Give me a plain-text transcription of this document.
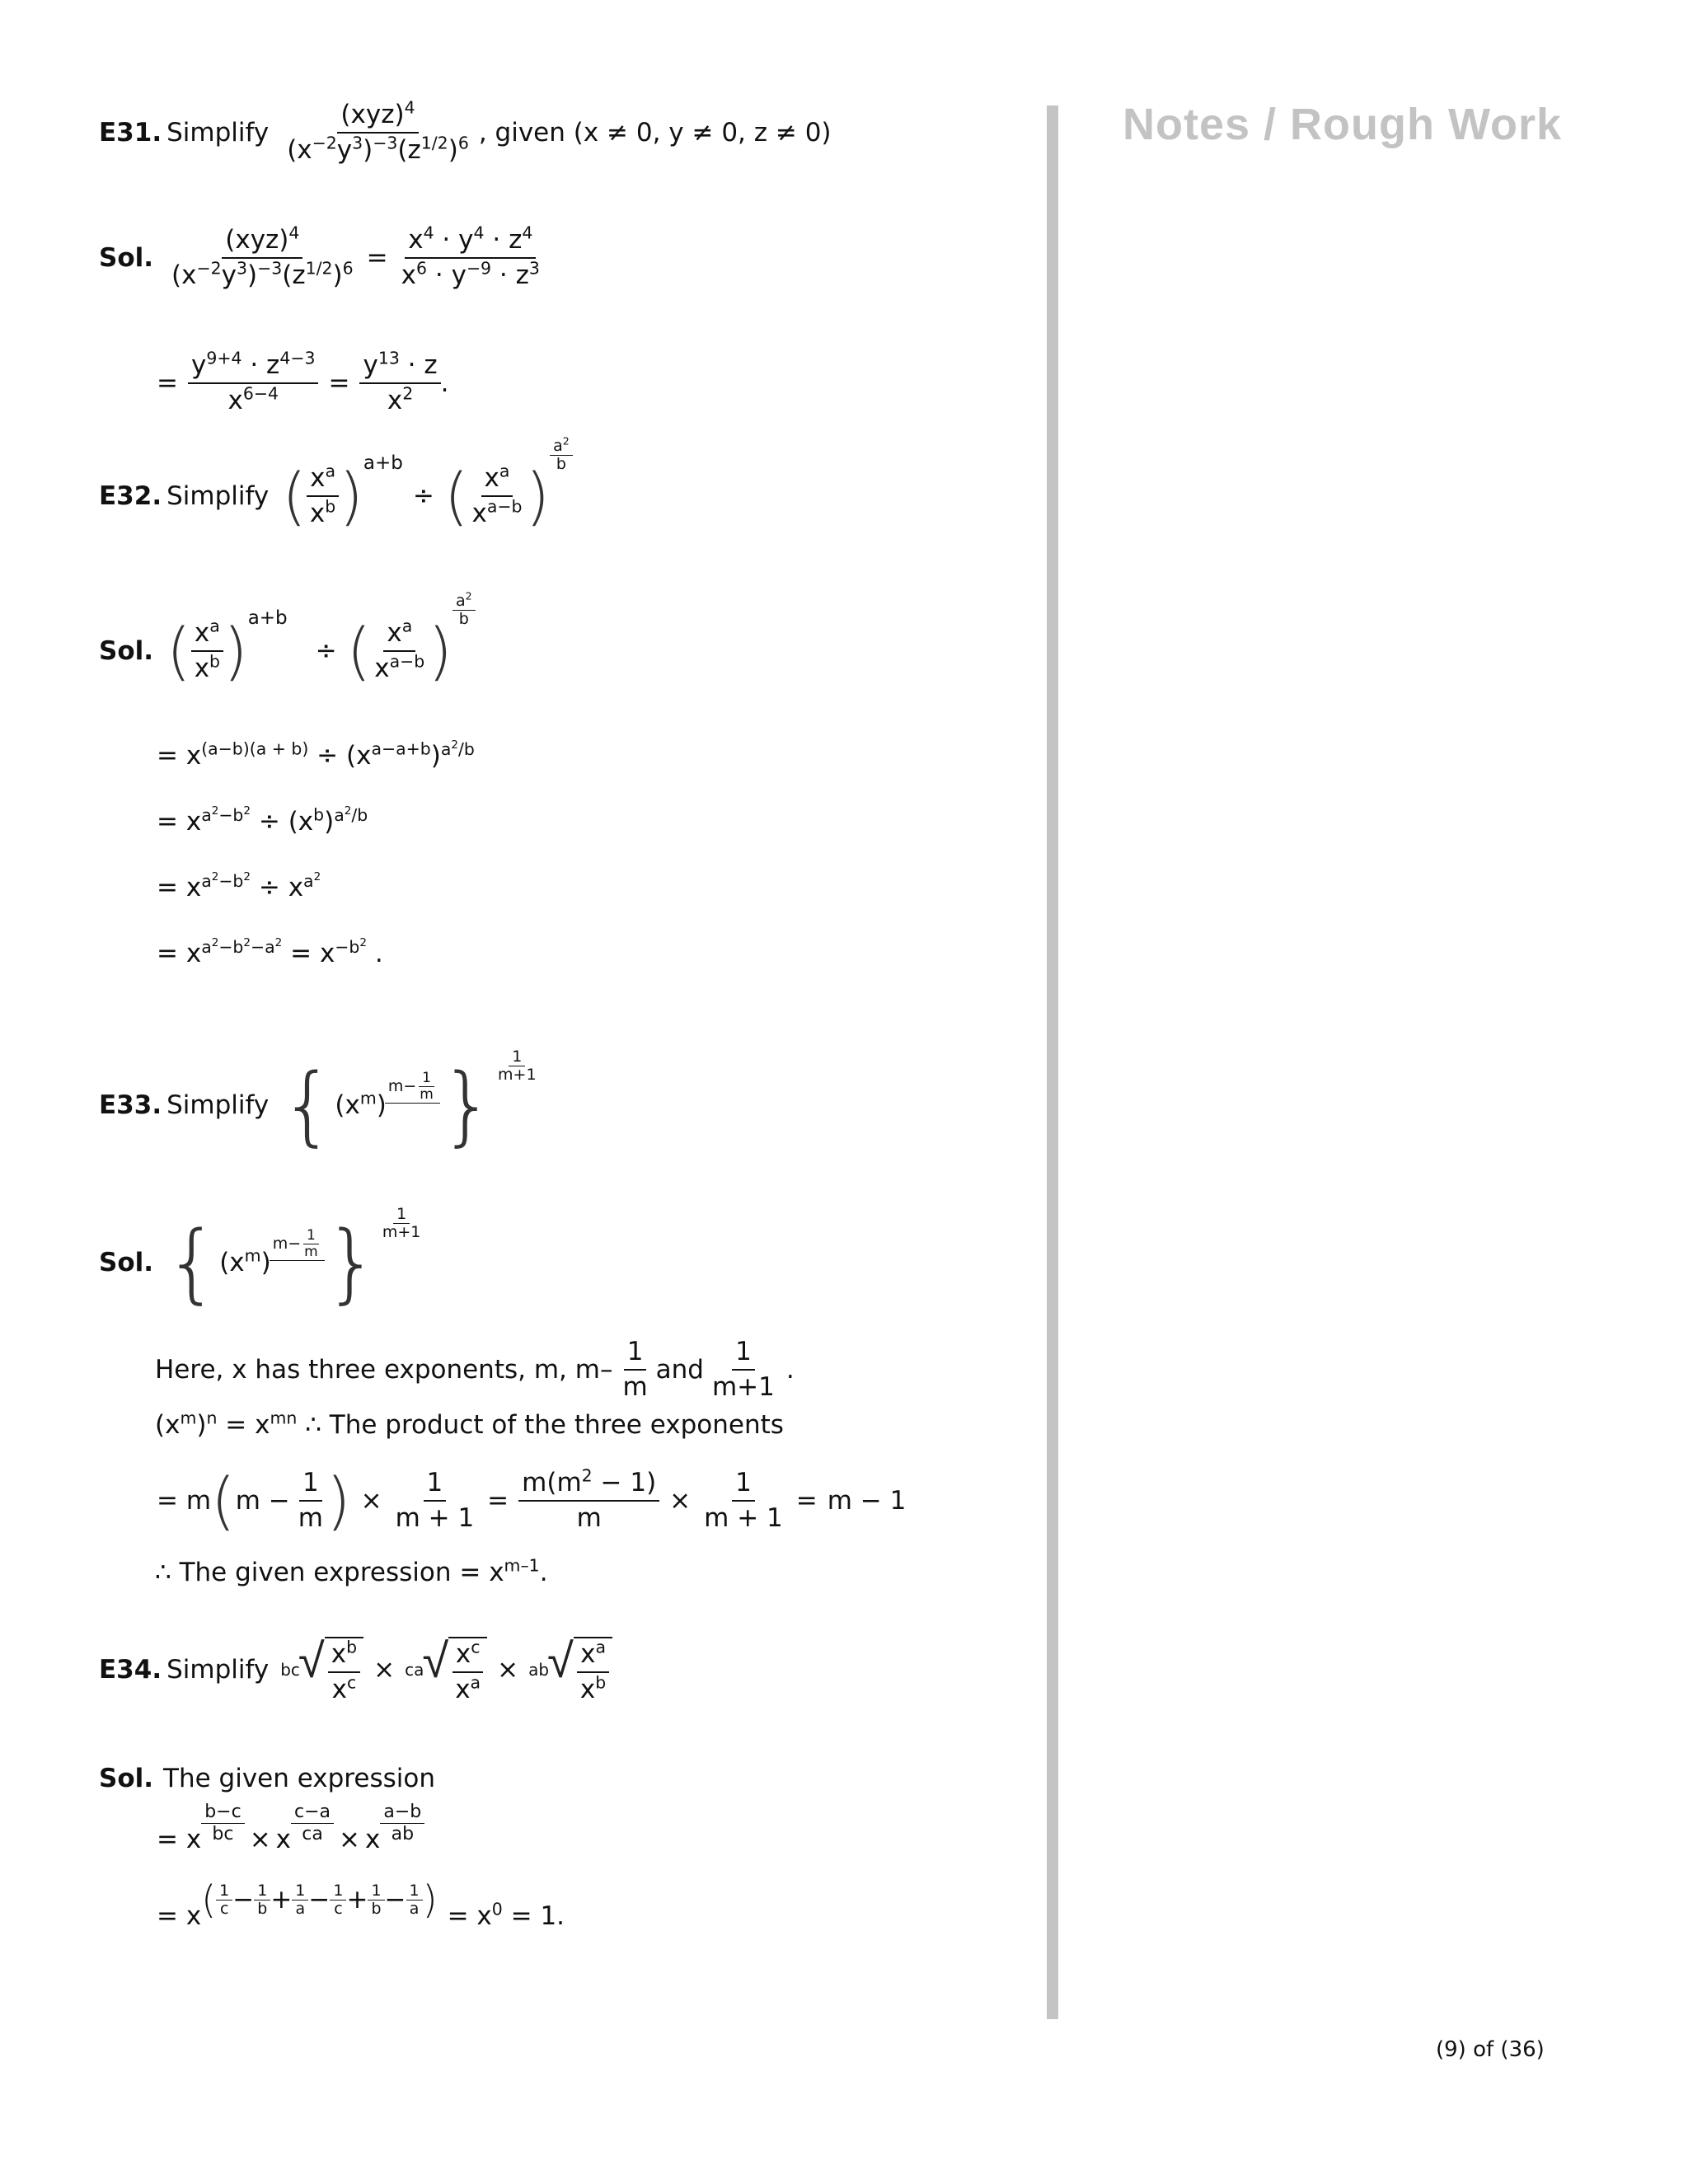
E31. Simplify $\frac{(xyz)^4}{(x^{-2}y^3)^{-3}(z^{1/2})^6}$ , given (x ≠ 0, y ≠ 0, z ≠ 0)
Sol. $\frac{(xyz)^4}{(x^{-2}y^3)^{-3}(z^{1/2})^6} = \frac{x^4 \cdot y^4 \cdot z^4}{x^6 \cdot y^{-9} \cdot z^3}$
= $\frac{y^{9+4} \cdot z^{4-3}}{x^{6-4}} = \frac{y^{13} \cdot z}{x^2}$ .
E32. Simplify ( $\frac{x^a}{x^b}$ ) a+b
÷ ( $\frac{x^a}{x^{a-b}}$ )
$\frac{a^2}{b}$
Sol. ( $\frac{x^a}{x^b}$ ) a+b
÷ ( $\frac{x^a}{x^{a-b}}$ )
$\frac{a^2}{b}$
= $x^{(a-b)(a + b)} \div (x^{a-a+b})^{a^2/b}$
= $x^{a^2-b^2} \div (x^b)^{a^2/b}$
= $x^{a^2-b^2} \div x^{a^2}$
= $x^{a^2-b^2-a^2} = x^{-b^2}$ .
E33. Simplify { $(x^m)$
$m- \frac{1}{m}$ } $\frac{1}{m+1}$
Sol. { $(x^m)$
$m- \frac{1}{m}$ } $\frac{1}{m+1}$
Here, x has three exponents, m, $m- \frac{1}{m}$ and $\frac{1}{m+1}$ .
$(x^m)^n = x^{mn}$ ∴ The product of the three exponents
= m ( $m - \frac{1}{m}$ ) × $\frac{1}{m + 1} = \frac{m(m^2 - 1)}{m} \times \frac{1}{m + 1} = m - 1$
∴ The given expression = $x^{m-1}$.
E34. Simplify bc
√ $\frac{x^b}{x^c}$ × ca
√ $\frac{x^c}{x^a}$ × ab
√ $\frac{x^a}{x^b}$
Sol. The given expression
= x $\frac{b-c}{bc} \times x \frac{c-a}{ca} \times x \frac{a-b}{ab}$
= x ( $\frac{1}{c} - \frac{1}{b} + \frac{1}{a} - \frac{1}{c} + \frac{1}{b} - \frac{1}{a}$ ) = $x^0 = 1$.
Notes / Rough Work
(9) of (36)
